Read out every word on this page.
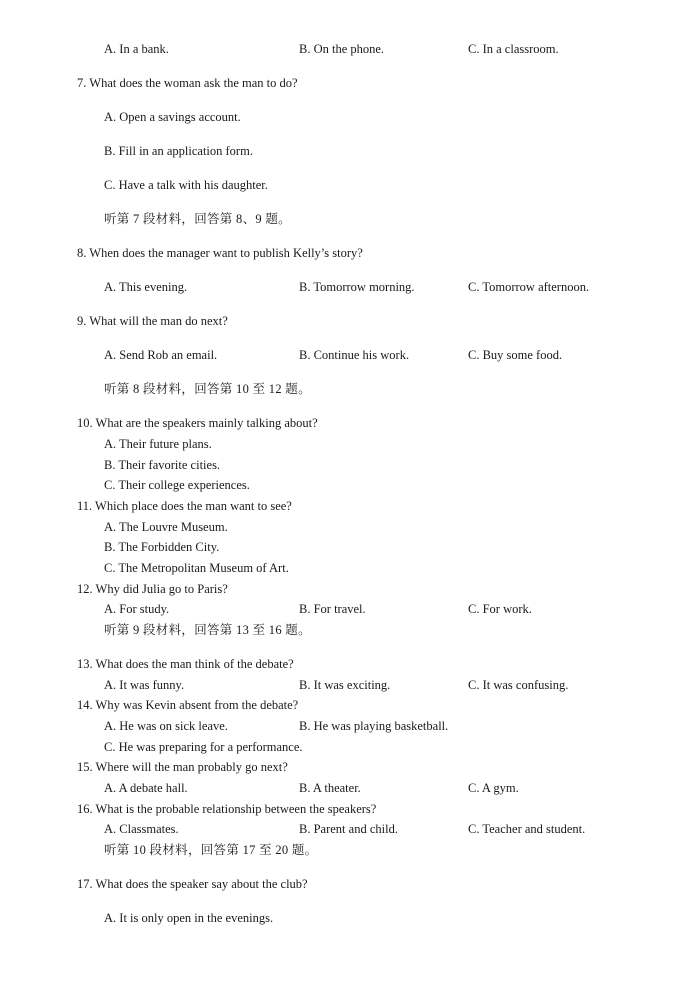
A. In a bank.	B. On the phone.	C. In a classroom.
7. What does the woman ask the man to do?
A. Open a savings account.
B. Fill in an application form.
C. Have a talk with his daughter.
听第 7 段材料，回答第 8、9 题。
8. When does the manager want to publish Kelly’s story?
A. This evening.	B. Tomorrow morning.	C. Tomorrow afternoon.
9. What will the man do next?
A. Send Rob an email.	B. Continue his work.	C. Buy some food.
听第 8 段材料，回答第 10 至 12 题。
10. What are the speakers mainly talking about?
A. Their future plans.
B. Their favorite cities.
C. Their college experiences.
11. Which place does the man want to see?
A. The Louvre Museum.
B. The Forbidden City.
C. The Metropolitan Museum of Art.
12. Why did Julia go to Paris?
A. For study.	B. For travel.	C. For work.
听第 9 段材料，回答第 13 至 16 题。
13. What does the man think of the debate?
A. It was funny.	B. It was exciting.	C. It was confusing.
14. Why was Kevin absent from the debate?
A. He was on sick leave.	B. He was playing basketball.
C. He was preparing for a performance.
15. Where will the man probably go next?
A. A debate hall.	B. A theater.	C. A gym.
16. What is the probable relationship between the speakers?
A. Classmates.	B. Parent and child.	C. Teacher and student.
听第 10 段材料，回答第 17 至 20 题。
17. What does the speaker say about the club?
A. It is only open in the evenings.
